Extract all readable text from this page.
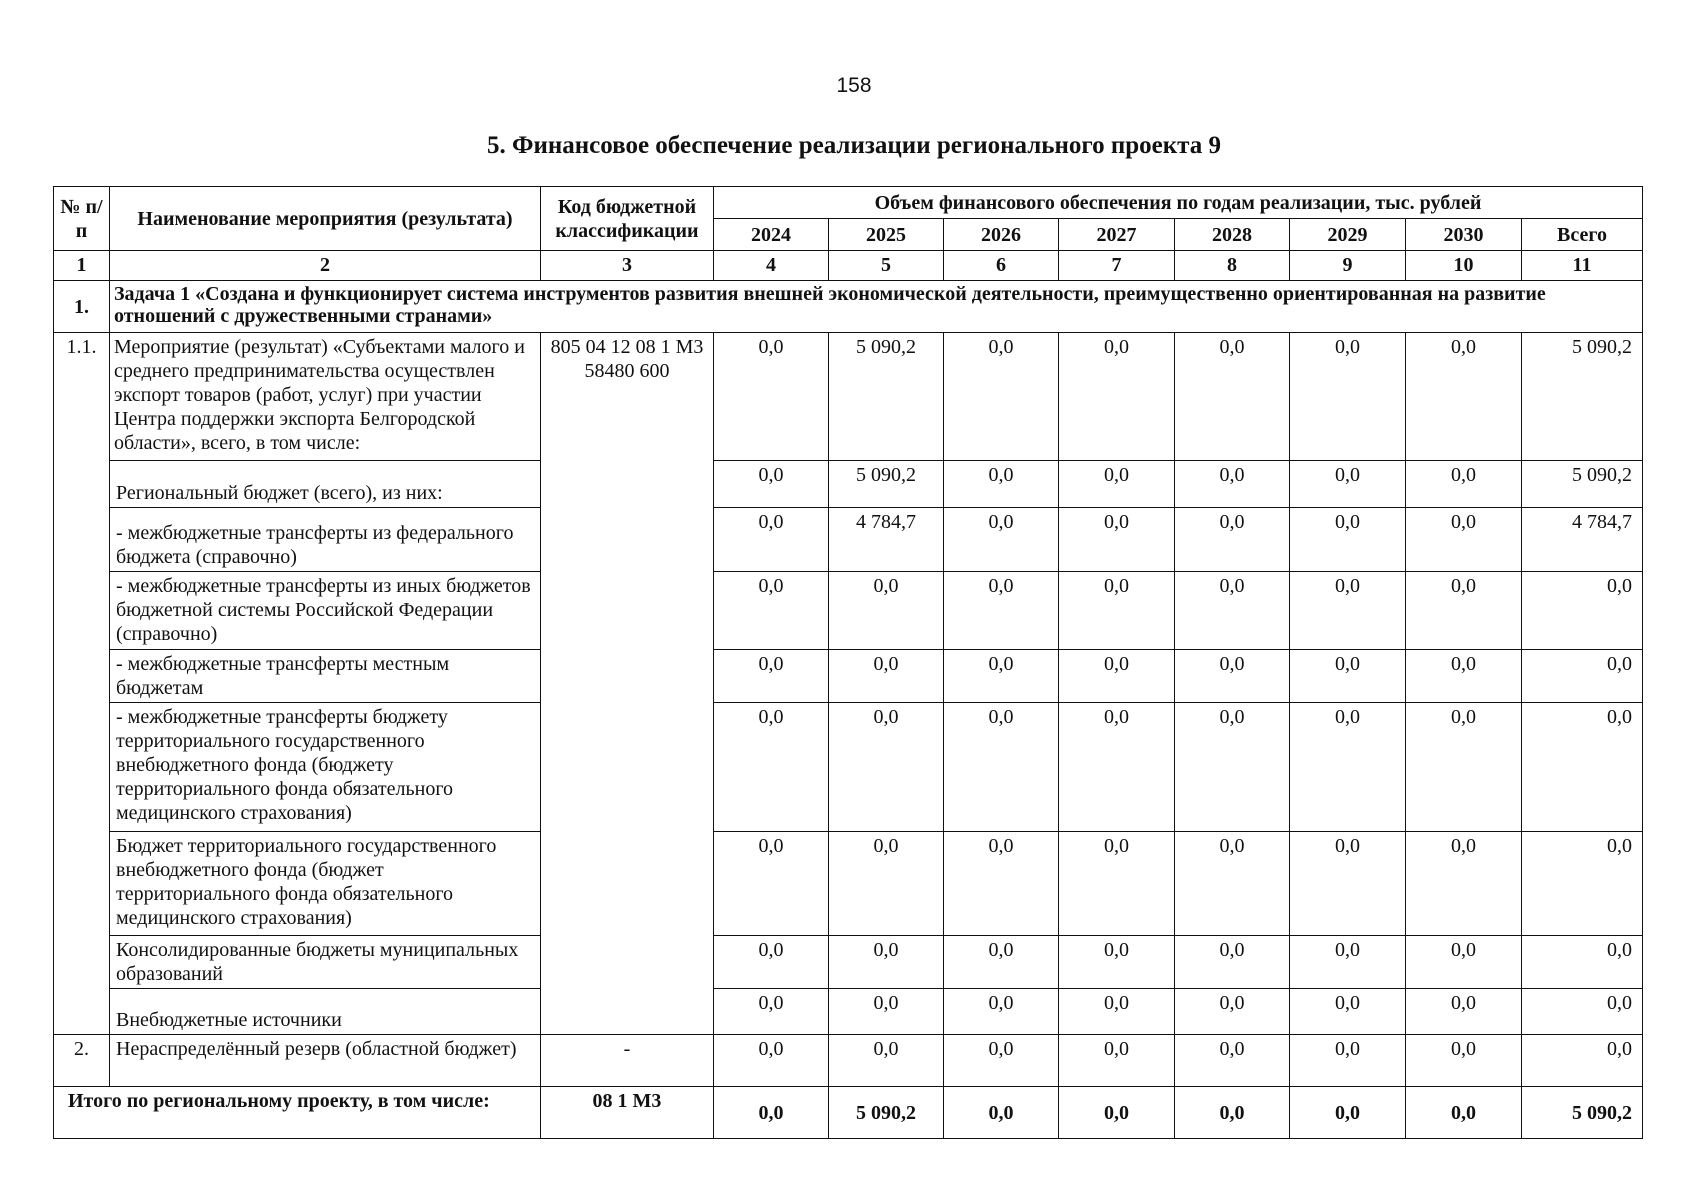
158
5. Финансовое обеспечение реализации регионального проекта 9
№ п/п	Наименование мероприятия (результата)	Код бюджетной классификации	Объем финансового обеспечения по годам реализации, тыс. рублей							
			2024	2025	2026	2027	2028	2029	2030	Всего
1	2	3	4	5	6	7	8	9	10	11
1.	Задача 1 «Создана и функционирует система инструментов развития внешней экономической деятельности, преимущественно ориентированная на развитие отношений с дружественными странами»									
1.1.	Мероприятие (результат) «Субъектами малого и среднего предпринимательства осуществлен экспорт товаров (работ, услуг) при участии Центра поддержки экспорта Белгородской области», всего, в том числе:	805 04 12 08 1 М3 58480 600	0,0	5 090,2	0,0	0,0	0,0	0,0	0,0	5 090,2
	Региональный бюджет (всего), из них:		0,0	5 090,2	0,0	0,0	0,0	0,0	0,0	5 090,2
	- межбюджетные трансферты из федерального бюджета (справочно)		0,0	4 784,7	0,0	0,0	0,0	0,0	0,0	4 784,7
	- межбюджетные трансферты из иных бюджетов бюджетной системы Российской Федерации (справочно)		0,0	0,0	0,0	0,0	0,0	0,0	0,0	0,0
	- межбюджетные трансферты местным бюджетам		0,0	0,0	0,0	0,0	0,0	0,0	0,0	0,0
	- межбюджетные трансферты бюджету территориального государственного внебюджетного фонда (бюджету территориального фонда обязательного медицинского страхования)		0,0	0,0	0,0	0,0	0,0	0,0	0,0	0,0
	Бюджет территориального государственного внебюджетного фонда (бюджет территориального фонда обязательного медицинского страхования)		0,0	0,0	0,0	0,0	0,0	0,0	0,0	0,0
	Консолидированные бюджеты муниципальных образований		0,0	0,0	0,0	0,0	0,0	0,0	0,0	0,0
	Внебюджетные источники		0,0	0,0	0,0	0,0	0,0	0,0	0,0	0,0
2.	Нераспределённый резерв (областной бюджет)	-	0,0	0,0	0,0	0,0	0,0	0,0	0,0	0,0
Итого по региональному проекту, в том числе:		08 1 М3	0,0	5 090,2	0,0	0,0	0,0	0,0	0,0	5 090,2
